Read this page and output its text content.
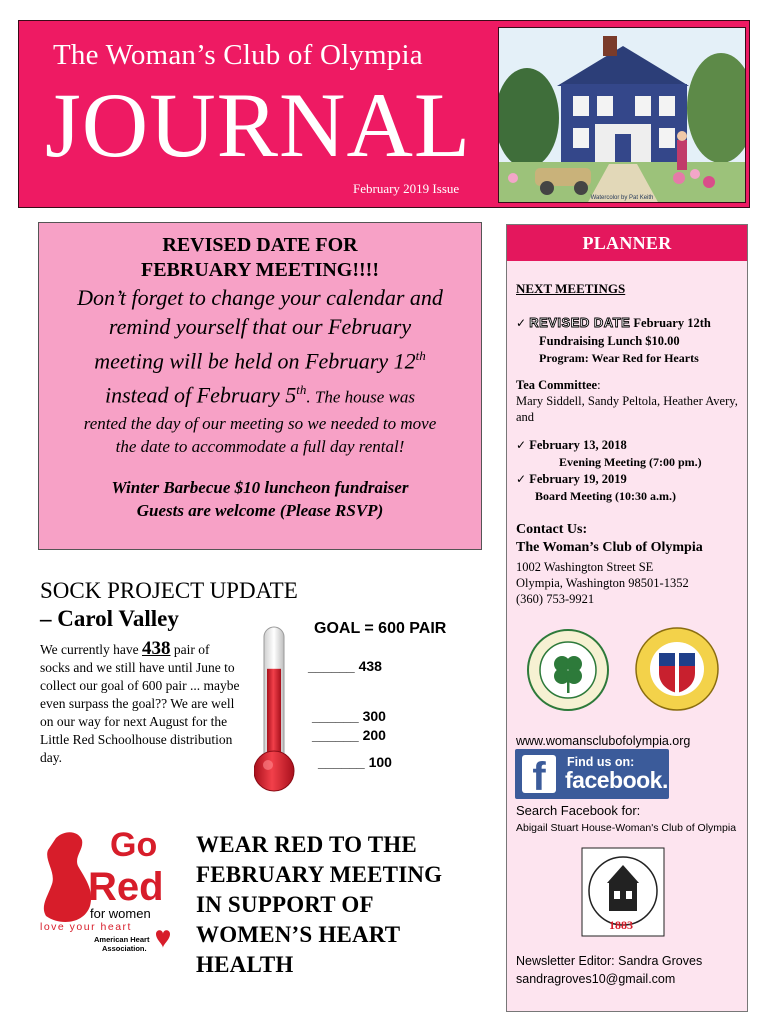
The Woman’s Club of Olympia
JOURNAL
February 2019 Issue
Watercolor by Pat Keith
REVISED DATE FOR
FEBRUARY MEETING!!!!
Don’t forget to change your calendar and
remind yourself that our February
meeting will be held on February 12th
instead of February 5th. The house was
rented the day of our meeting so we needed to move
the date to accommodate a full day rental!
Winter Barbecue $10 luncheon fundraiser
Guests are welcome (Please RSVP)
SOCK PROJECT UPDATE
– Carol Valley
We currently have 438 pair of socks and we still have until June to collect our goal of 600 pair ... maybe even surpass the goal?? We are well on our way for next August for the Little Red Schoolhouse distribution day.
GOAL = 600 PAIR
______ 438
______ 300
______ 200
______ 100
Go
Red
for women
love your heart
American Heart
Association.
WEAR RED TO THE
FEBRUARY MEETING
IN SUPPORT OF
WOMEN’S HEART
HEALTH
PLANNER
NEXT MEETINGS
✓ REVISED DATE February 12th
Fundraising Lunch $10.00
Program: Wear Red for Hearts
Tea Committee:
Mary Siddell, Sandy Peltola, Heather Avery, and
✓ February 13, 2018
Evening Meeting (7:00 pm.)
✓ February 19, 2019
Board Meeting (10:30 a.m.)
Contact Us:
The Woman’s Club of Olympia
1002 Washington Street SE
Olympia, Washington 98501-1352
(360) 753-9921
www.womansclubofolympia.org
f	Find us on:
facebook.
Search Facebook for:
Abigail Stuart House-Woman's Club of Olympia
1883
Newsletter Editor: Sandra Groves
sandragroves10@gmail.com
